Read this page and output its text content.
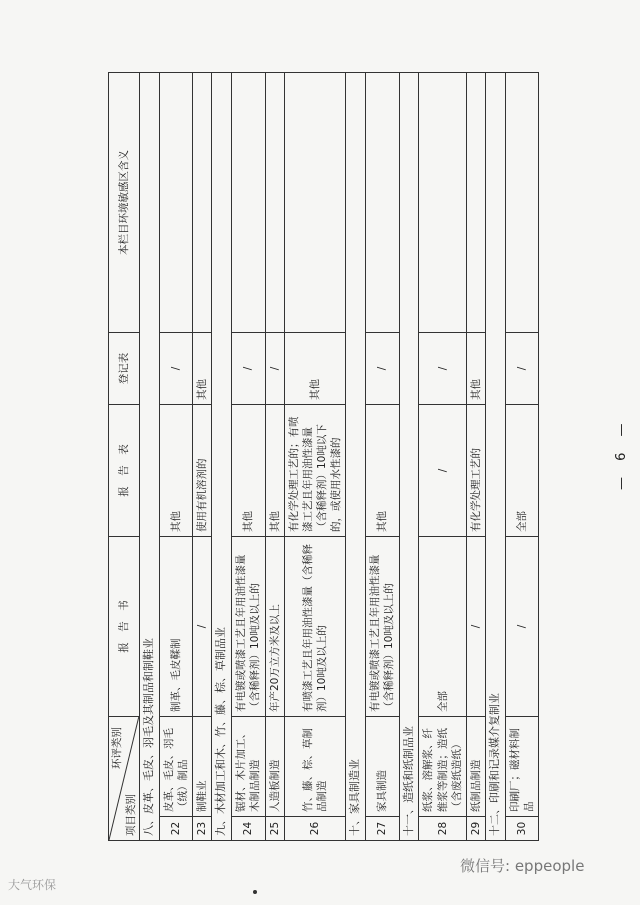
环评类别
项目类别		报　告　书	报　告　表	登记表	本栏目环境敏感区含义
八、皮革、毛皮、羽毛及其制品和制鞋业					
22	皮革、毛皮、羽毛（绒）制品	制革、毛皮鞣制	其他	/	
23	制鞋业	/	使用有机溶剂的	其他	
九、木材加工和木、竹、藤、棕、草制品业					
24	锯材、木片加工、木制品制造	有电镀或喷漆工艺且年用油性漆量（含稀释剂）10吨及以上的	其他	/	
25	人造板制造	年产20万立方米及以上	其他	/	
26	竹、藤、棕、草制品制造	有喷漆工艺且年用油性漆量（含稀释剂）10吨及以上的	有化学处理工艺的；有喷漆工艺且年用油性漆量（含稀释剂）10吨以下的，或使用水性漆的	其他	
十、家具制造业					
27	家具制造	有电镀或喷漆工艺且年用油性漆量（含稀释剂）10吨及以上的	其他	/	
十一、造纸和纸制品业					
28	纸浆、溶解浆、纤维浆等制造；造纸（含废纸造纸）	全部	/	/	
29	纸制品制造	/	有化学处理工艺的	其他	
十二、印刷和记录媒介复制业					
30	印刷厂；磁材料制品	/	全部	/	
— 6 —
微信号: eppeople
大气环保
